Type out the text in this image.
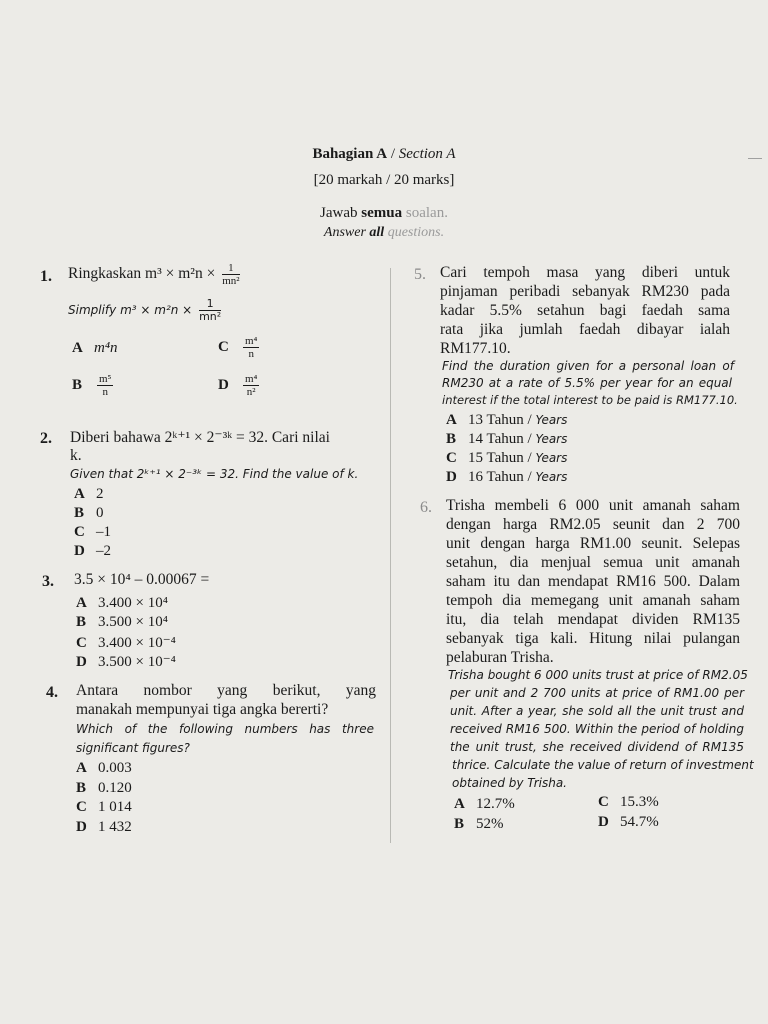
Bahagian A / Section A
[20 markah / 20 marks]
Jawab semua soalan.
Answer all questions.
1. Ringkaskan $m^3 \times m^2n \times \frac{1}{\text{mn²}}$
Simplify $m^3 \times m^2n \times \frac{1}{\text{mn²}}$
A m⁴n	C $\frac{\text{m⁴}}{n}$
B $\frac{\text{m⁵}}{n}$	D $\frac{\text{m⁴}}{\text{n²}}$
2. Diberi bahawa 2ᵏ⁺¹ × 2⁻³ᵏ = 32. Cari nilai
k.
Given that 2ᵏ⁺¹ × 2⁻³ᵏ = 32. Find the value of k.
A 2
B 0
C –1
D –2
3. 3.5 × 10⁴ – 0.00067 =
A 3.400 × 10⁴
B 3.500 × 10⁴
C 3.400 × 10⁻⁴
D 3.500 × 10⁻⁴
4. Antara nombor yang berikut, yang
manakah mempunyai tiga angka bererti?
Which of the following numbers has three
significant figures?
A 0.003
B 0.120
C 1 014
D 1 432
5. Cari tempoh masa yang diberi untuk
pinjaman peribadi sebanyak RM230 pada
kadar 5.5% setahun bagi faedah sama
rata jika jumlah faedah dibayar ialah
RM177.10.
Find the duration given for a personal loan of
RM230 at a rate of 5.5% per year for an equal
interest if the total interest to be paid is RM177.10.
A 13 Tahun / Years
B 14 Tahun / Years
C 15 Tahun / Years
D 16 Tahun / Years
6. Trisha membeli 6 000 unit amanah saham
dengan harga RM2.05 seunit dan 2 700
unit dengan harga RM1.00 seunit. Selepas
setahun, dia menjual semua unit amanah
saham itu dan mendapat RM16 500. Dalam
tempoh dia memegang unit amanah saham
itu, dia telah mendapat dividen RM135
sebanyak tiga kali. Hitung nilai pulangan
pelaburan Trisha.
Trisha bought 6 000 units trust at price of RM2.05
per unit and 2 700 units at price of RM1.00 per
unit. After a year, she sold all the unit trust and
received RM16 500. Within the period of holding
the unit trust, she received dividend of RM135
thrice. Calculate the value of return of investment
obtained by Trisha.
A 12.7%	C 15.3%
B 52%	D 54.7%
